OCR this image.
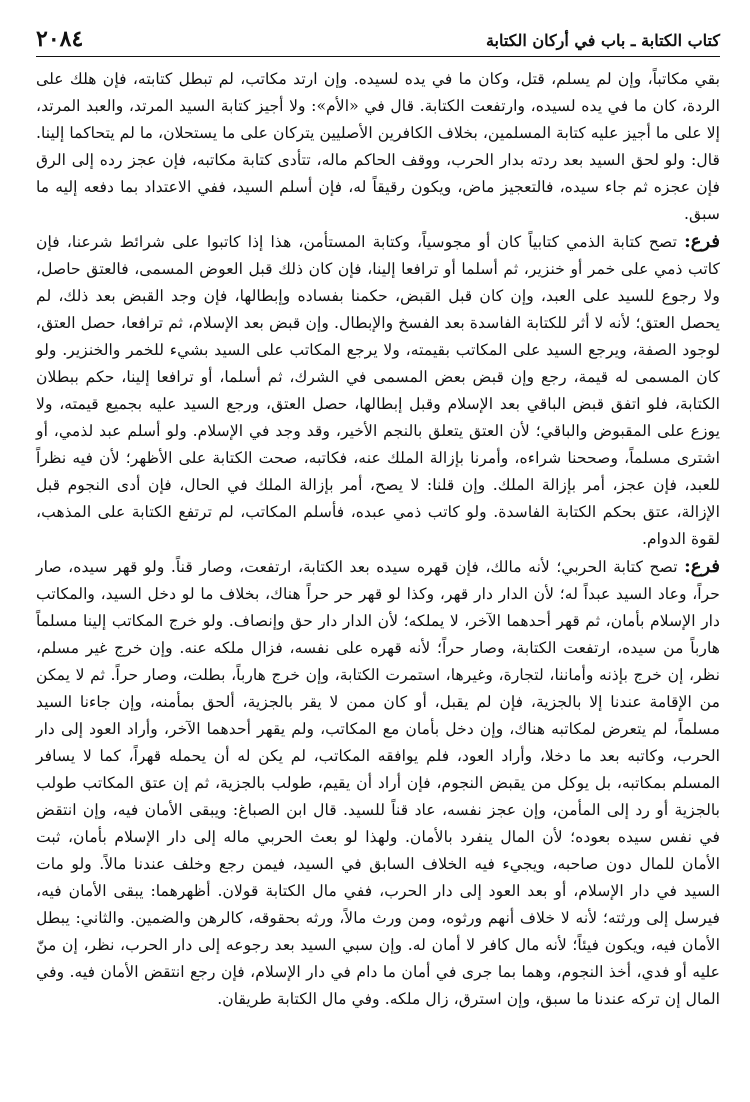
كتاب الكتابة ـ باب في أركان الكتابة
٢٠٨٤

بقي مكاتباً، وإن لم يسلم، قتل، وكان ما في يده لسيده. وإن ارتد مكاتب، لم تبطل كتابته، فإن هلك على الردة، كان ما في يده لسيده، وارتفعت الكتابة. قال في «الأم»: ولا أجيز كتابة السيد المرتد، والعبد المرتد، إلا على ما أجيز عليه كتابة المسلمين، بخلاف الكافرين الأصليين يتركان على ما يستحلان، ما لم يتحاكما إلينا. قال: ولو لحق السيد بعد ردته بدار الحرب، ووقف الحاكم ماله، تتأدى كتابة مكاتبه، فإن عجز رده إلى الرق فإن عجزه ثم جاء سيده، فالتعجيز ماض، ويكون رقيقاً له، فإن أسلم السيد، ففي الاعتداد بما دفعه إليه ما سبق.

فرع: تصح كتابة الذمي كتابياً كان أو مجوسياً، وكتابة المستأمن، هذا إذا كاتبوا على شرائط شرعنا، فإن كاتب ذمي على خمر أو خنزير، ثم أسلما أو ترافعا إلينا، فإن كان ذلك قبل العوض المسمى، فالعتق حاصل، ولا رجوع للسيد على العبد، وإن كان قبل القبض، حكمنا بفساده وإبطالها، فإن وجد القبض بعد ذلك، لم يحصل العتق؛ لأنه لا أثر للكتابة الفاسدة بعد الفسخ والإبطال. وإن قبض بعد الإسلام، ثم ترافعا، حصل العتق، لوجود الصفة، ويرجع السيد على المكاتب بقيمته، ولا يرجع المكاتب على السيد بشيء للخمر والخنزير. ولو كان المسمى له قيمة، رجع وإن قبض بعض المسمى في الشرك، ثم أسلما، أو ترافعا إلينا، حكم ببطلان الكتابة، فلو اتفق قبض الباقي بعد الإسلام وقبل إبطالها، حصل العتق، ورجع السيد عليه بجميع قيمته، ولا يوزع على المقبوض والباقي؛ لأن العتق يتعلق بالنجم الأخير، وقد وجد في الإسلام. ولو أسلم عبد لذمي، أو اشترى مسلماً، وصححنا شراءه، وأمرنا بإزالة الملك عنه، فكاتبه، صحت الكتابة على الأظهر؛ لأن فيه نظراً للعبد، فإن عجز، أمر بإزالة الملك. وإن قلنا: لا يصح، أمر بإزالة الملك في الحال، فإن أدى النجوم قبل الإزالة، عتق بحكم الكتابة الفاسدة. ولو كاتب ذمي عبده، فأسلم المكاتب، لم ترتفع الكتابة على المذهب، لقوة الدوام.

فرع: تصح كتابة الحربي؛ لأنه مالك، فإن قهره سيده بعد الكتابة، ارتفعت، وصار قناً. ولو قهر سيده، صار حراً، وعاد السيد عبداً له؛ لأن الدار دار قهر، وكذا لو قهر حر حراً هناك، بخلاف ما لو دخل السيد، والمكاتب دار الإسلام بأمان، ثم قهر أحدهما الآخر، لا يملكه؛ لأن الدار دار حق وإنصاف. ولو خرج المكاتب إلينا مسلماً هارباً من سيده، ارتفعت الكتابة، وصار حراً؛ لأنه قهره على نفسه، فزال ملكه عنه. وإن خرج غير مسلم، نظر، إن خرج بإذنه وأماننا، لتجارة، وغيرها، استمرت الكتابة، وإن خرج هارباً، بطلت، وصار حراً. ثم لا يمكن من الإقامة عندنا إلا بالجزية، فإن لم يقبل، أو كان ممن لا يقر بالجزية، ألحق بمأمنه، وإن جاءنا السيد مسلماً، لم يتعرض لمكاتبه هناك، وإن دخل بأمان مع المكاتب، ولم يقهر أحدهما الآخر، وأراد العود إلى دار الحرب، وكاتبه بعد ما دخلا، وأراد العود، فلم يوافقه المكاتب، لم يكن له أن يحمله قهراً، كما لا يسافر المسلم بمكاتبه، بل يوكل من يقبض النجوم، فإن أراد أن يقيم، طولب بالجزية، ثم إن عتق المكاتب طولب بالجزية أو رد إلى المأمن، وإن عجز نفسه، عاد قناً للسيد. قال ابن الصباغ: ويبقى الأمان فيه، وإن انتقض في نفس سيده بعوده؛ لأن المال ينفرد بالأمان. ولهذا لو بعث الحربي ماله إلى دار الإسلام بأمان، ثبت الأمان للمال دون صاحبه، ويجيء فيه الخلاف السابق في السيد، فيمن رجع وخلف عندنا مالاً. ولو مات السيد في دار الإسلام، أو بعد العود إلى دار الحرب، ففي مال الكتابة قولان. أظهرهما: يبقى الأمان فيه، فيرسل إلى ورثته؛ لأنه لا خلاف أنهم ورثوه، ومن ورث مالاً، ورثه بحقوقه، كالرهن والضمين. والثاني: يبطل الأمان فيه، ويكون فيئاً؛ لأنه مال كافر لا أمان له. وإن سبي السيد بعد رجوعه إلى دار الحرب، نظر، إن منّ عليه أو فدي، أخذ النجوم، وهما بما جرى في أمان ما دام في دار الإسلام، فإن رجع انتقض الأمان فيه. وفي المال إن تركه عندنا ما سبق، وإن استرق، زال ملكه. وفي مال الكتابة طريقان.
